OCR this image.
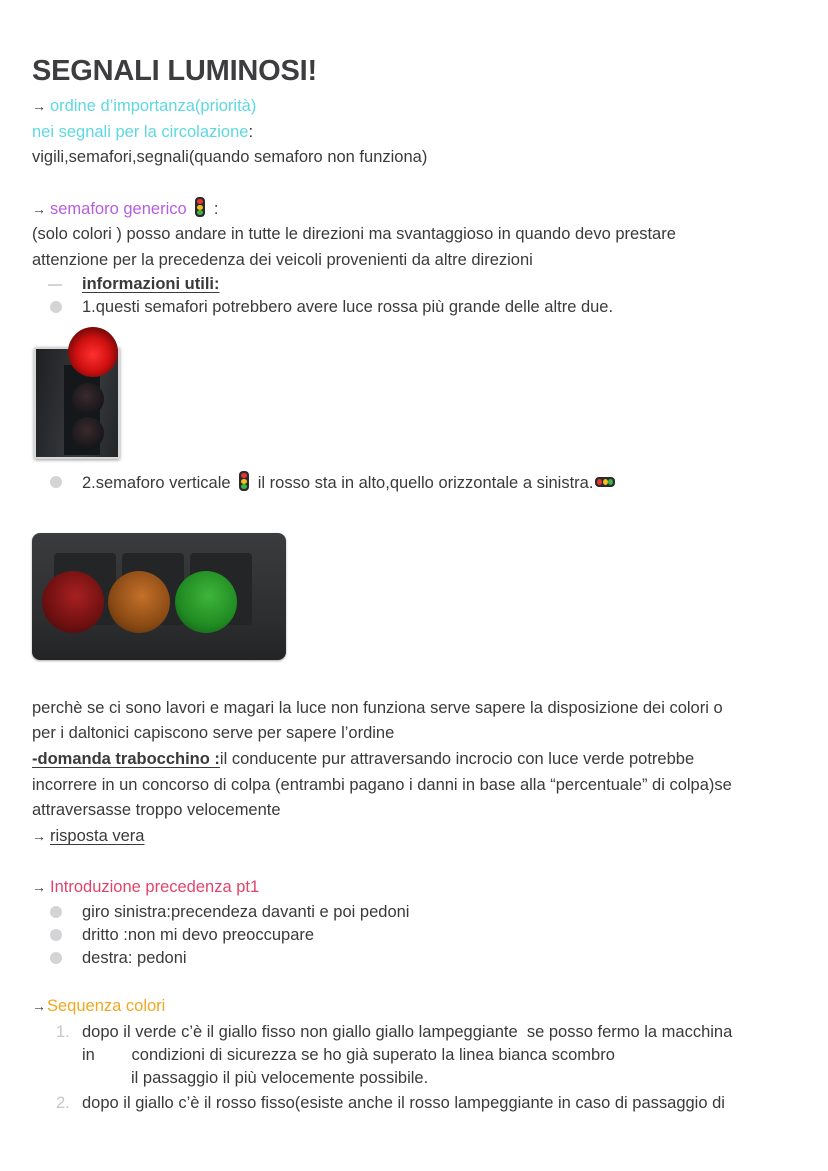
SEGNALI LUMINOSI!
→ ordine d’importanza(priorità)
nei segnali per la circolazione:
vigili,semafori,segnali(quando semaforo non funziona)
→ semaforo generico :
(solo colori ) posso andare in tutte le direzioni ma svantaggioso in quando devo prestare
attenzione per la precedenza dei veicoli provenienti da altre direzioni
informazioni utili:
1.questi semafori potrebbero avere luce rossa più grande delle altre due.
2.semaforo verticale il rosso sta in alto,quello orizzontale a sinistra.
perchè se ci sono lavori e magari la luce non funziona serve sapere la disposizione dei colori o
per i daltonici capiscono serve per sapere l’ordine
-domanda trabocchino :il conducente pur attraversando incrocio con luce verde potrebbe
incorrere in un concorso di colpa (entrambi pagano i danni in base alla “percentuale” di colpa)se
attraversasse troppo velocemente
→ risposta vera
→ Introduzione precedenza pt1
giro sinistra:precendeza davanti e poi pedoni
dritto :non mi devo preoccupare
destra: pedoni
→Sequenza colori
1. dopo il verde c’è il giallo fisso non giallo giallo lampeggiante  se posso fermo la macchina
in        condizioni di sicurezza se ho già superato la linea bianca scombro
il passaggio il più velocemente possibile.
2. dopo il giallo c’è il rosso fisso(esiste anche il rosso lampeggiante in caso di passaggio di
